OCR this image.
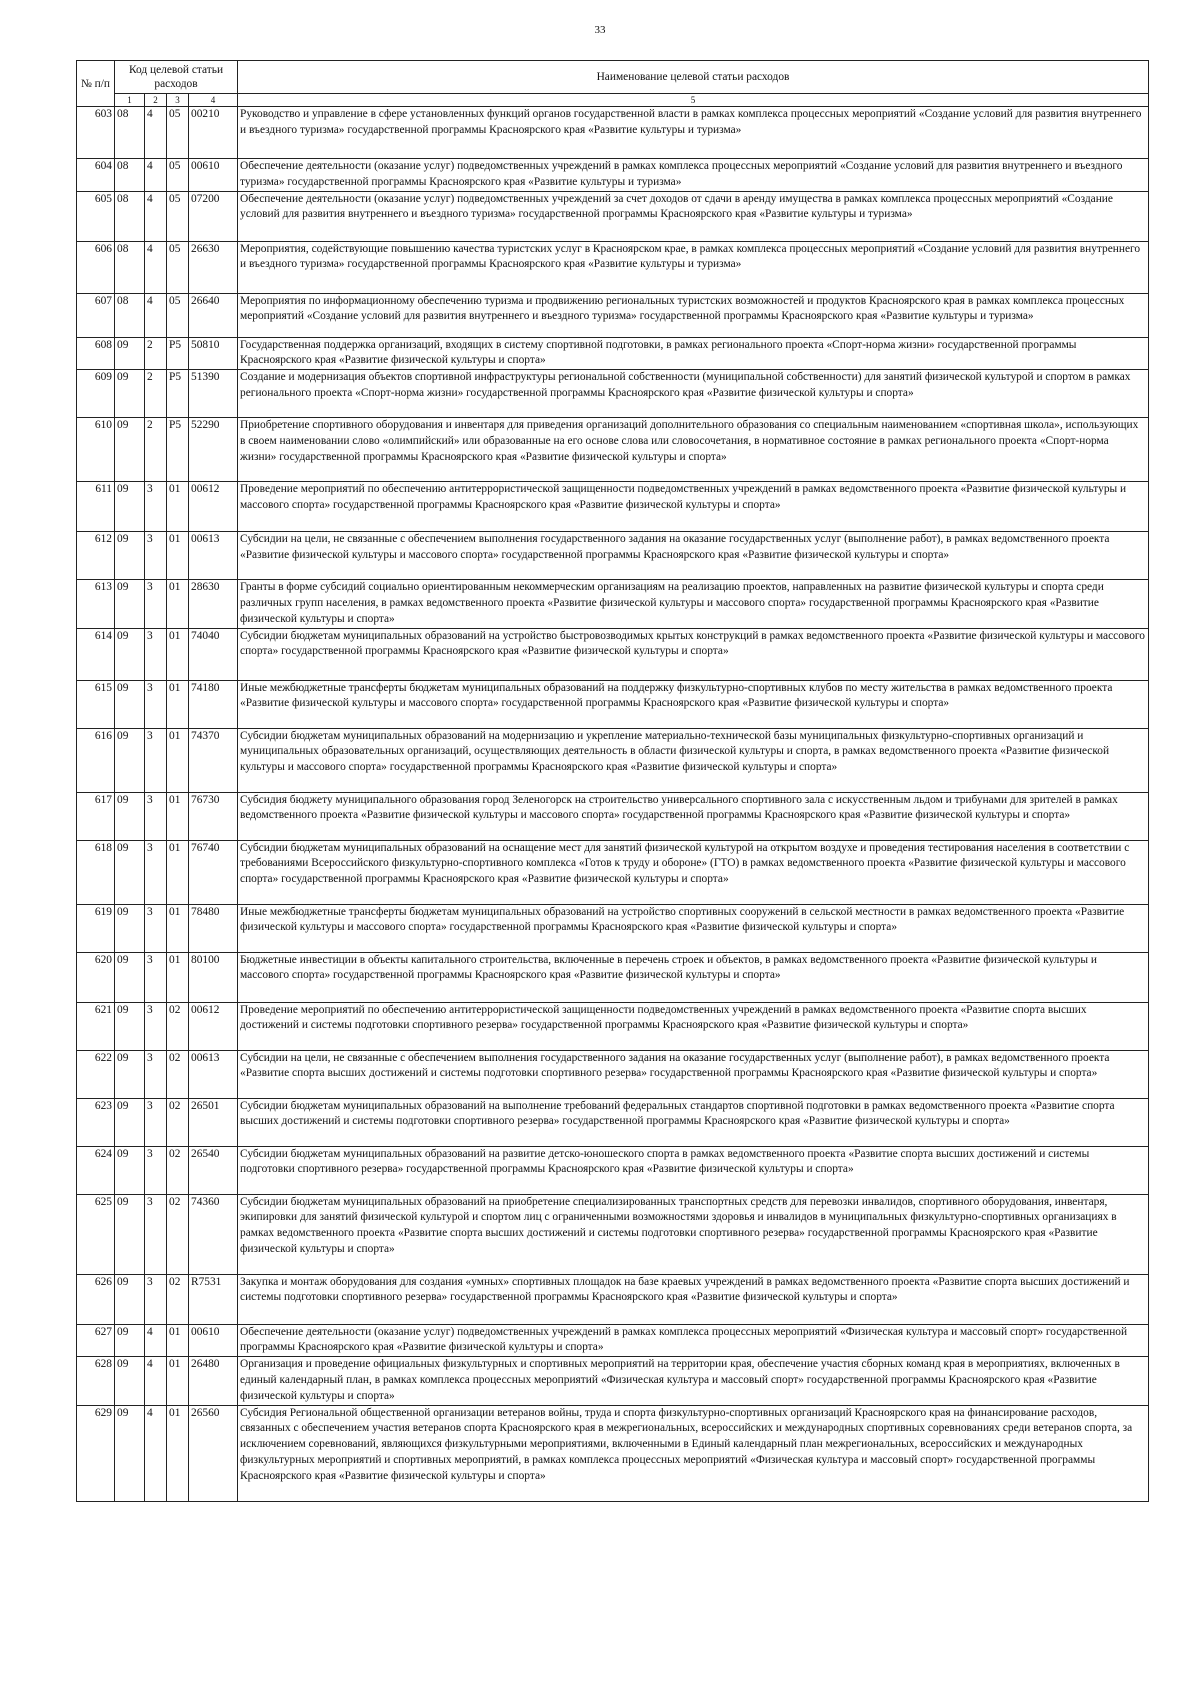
33
№ п/п	Код целевой статьи расходов				Наименование целевой статьи расходов
	1	2	3	4	5
603	08	4	05	00210	Руководство и управление в сфере установленных функций органов государственной власти в рамках комплекса процессных мероприятий «Создание условий для развития внутреннего и въездного туризма» государственной программы Красноярского края «Развитие культуры и туризма»
604	08	4	05	00610	Обеспечение деятельности (оказание услуг) подведомственных учреждений в рамках комплекса процессных мероприятий «Создание условий для развития внутреннего и въездного туризма» государственной программы Красноярского края «Развитие культуры и туризма»
605	08	4	05	07200	Обеспечение деятельности (оказание услуг) подведомственных учреждений за счет доходов от сдачи в аренду имущества в рамках комплекса процессных мероприятий «Создание условий для развития внутреннего и въездного туризма» государственной программы Красноярского края «Развитие культуры и туризма»
606	08	4	05	26630	Мероприятия, содействующие повышению качества туристских услуг в Красноярском крае, в рамках комплекса процессных мероприятий «Создание условий для развития внутреннего и въездного туризма» государственной программы Красноярского края «Развитие культуры и туризма»
607	08	4	05	26640	Мероприятия по информационному обеспечению туризма и продвижению региональных туристских возможностей и продуктов Красноярского края в рамках комплекса процессных мероприятий «Создание условий для развития внутреннего и въездного туризма» государственной программы Красноярского края «Развитие культуры и туризма»
608	09	2	P5	50810	Государственная поддержка организаций, входящих в систему спортивной подготовки, в рамках регионального проекта «Спорт-норма жизни» государственной программы Красноярского края «Развитие физической культуры и спорта»
609	09	2	P5	51390	Создание и модернизация объектов спортивной инфраструктуры региональной собственности (муниципальной собственности) для занятий физической культурой и спортом в рамках регионального проекта «Спорт-норма жизни» государственной программы Красноярского края «Развитие физической культуры и спорта»
610	09	2	P5	52290	Приобретение спортивного оборудования и инвентаря для приведения организаций дополнительного образования со специальным наименованием «спортивная школа», использующих в своем наименовании слово «олимпийский» или образованные на его основе слова или словосочетания, в нормативное состояние в рамках регионального проекта «Спорт-норма жизни» государственной программы Красноярского края «Развитие физической культуры и спорта»
611	09	3	01	00612	Проведение мероприятий по обеспечению антитеррористической защищенности подведомственных учреждений в рамках ведомственного проекта «Развитие физической культуры и массового спорта» государственной программы Красноярского края «Развитие физической культуры и спорта»
612	09	3	01	00613	Субсидии на цели, не связанные с обеспечением выполнения государственного задания на оказание государственных услуг (выполнение работ), в рамках ведомственного проекта «Развитие физической культуры и массового спорта» государственной программы Красноярского края «Развитие физической культуры и спорта»
613	09	3	01	28630	Гранты в форме субсидий социально ориентированным некоммерческим организациям на реализацию проектов, направленных на развитие физической культуры и спорта среди различных групп населения, в рамках ведомственного проекта «Развитие физической культуры и массового спорта» государственной программы Красноярского края «Развитие физической культуры и спорта»
614	09	3	01	74040	Субсидии бюджетам муниципальных образований на устройство быстровозводимых крытых конструкций в рамках ведомственного проекта «Развитие физической культуры и массового спорта» государственной программы Красноярского края «Развитие физической культуры и спорта»
615	09	3	01	74180	Иные межбюджетные трансферты бюджетам муниципальных образований на поддержку физкультурно-спортивных клубов по месту жительства в рамках ведомственного проекта «Развитие физической культуры и массового спорта» государственной программы Красноярского края «Развитие физической культуры и спорта»
616	09	3	01	74370	Субсидии бюджетам муниципальных образований на модернизацию и укрепление материально-технической базы муниципальных физкультурно-спортивных организаций и муниципальных образовательных организаций, осуществляющих деятельность в области физической культуры и спорта, в рамках ведомственного проекта «Развитие физической культуры и массового спорта» государственной программы Красноярского края «Развитие физической культуры и спорта»
617	09	3	01	76730	Субсидия бюджету муниципального образования город Зеленогорск на строительство универсального спортивного зала с искусственным льдом и трибунами для зрителей в рамках ведомственного проекта «Развитие физической культуры и массового спорта» государственной программы Красноярского края «Развитие физической культуры и спорта»
618	09	3	01	76740	Субсидии бюджетам муниципальных образований на оснащение мест для занятий физической культурой на открытом воздухе и проведения тестирования населения в соответствии с требованиями Всероссийского физкультурно-спортивного комплекса «Готов к труду и обороне» (ГТО) в рамках ведомственного проекта «Развитие физической культуры и массового спорта» государственной программы Красноярского края «Развитие физической культуры и спорта»
619	09	3	01	78480	Иные межбюджетные трансферты бюджетам муниципальных образований на устройство спортивных сооружений в сельской местности в рамках ведомственного проекта «Развитие физической культуры и массового спорта» государственной программы Красноярского края «Развитие физической культуры и спорта»
620	09	3	01	80100	Бюджетные инвестиции в объекты капитального строительства, включенные в перечень строек и объектов, в рамках ведомственного проекта «Развитие физической культуры и массового спорта» государственной программы Красноярского края «Развитие физической культуры и спорта»
621	09	3	02	00612	Проведение мероприятий по обеспечению антитеррористической защищенности подведомственных учреждений в рамках ведомственного проекта «Развитие спорта высших достижений и системы подготовки спортивного резерва» государственной программы Красноярского края «Развитие физической культуры и спорта»
622	09	3	02	00613	Субсидии на цели, не связанные с обеспечением выполнения государственного задания на оказание государственных услуг (выполнение работ), в рамках ведомственного проекта «Развитие спорта высших достижений и системы подготовки спортивного резерва» государственной программы Красноярского края «Развитие физической культуры и спорта»
623	09	3	02	26501	Субсидии бюджетам муниципальных образований на выполнение требований федеральных стандартов спортивной подготовки в рамках ведомственного проекта «Развитие спорта высших достижений и системы подготовки спортивного резерва» государственной программы Красноярского края «Развитие физической культуры и спорта»
624	09	3	02	26540	Субсидии бюджетам муниципальных образований на развитие детско-юношеского спорта в рамках ведомственного проекта «Развитие спорта высших достижений и системы подготовки спортивного резерва» государственной программы Красноярского края «Развитие физической культуры и спорта»
625	09	3	02	74360	Субсидии бюджетам муниципальных образований на приобретение специализированных транспортных средств для перевозки инвалидов, спортивного оборудования, инвентаря, экипировки для занятий физической культурой и спортом лиц с ограниченными возможностями здоровья и инвалидов в муниципальных физкультурно-спортивных организациях в рамках ведомственного проекта «Развитие спорта высших достижений и системы подготовки спортивного резерва» государственной программы Красноярского края «Развитие физической культуры и спорта»
626	09	3	02	R7531	Закупка и монтаж оборудования для создания «умных» спортивных площадок на базе краевых учреждений в рамках ведомственного проекта «Развитие спорта высших достижений и системы подготовки спортивного резерва» государственной программы Красноярского края «Развитие физической культуры и спорта»
627	09	4	01	00610	Обеспечение деятельности (оказание услуг) подведомственных учреждений в рамках комплекса процессных мероприятий «Физическая культура и массовый спорт» государственной программы Красноярского края «Развитие физической культуры и спорта»
628	09	4	01	26480	Организация и проведение официальных физкультурных и спортивных мероприятий на территории края, обеспечение участия сборных команд края в мероприятиях, включенных в единый календарный план, в рамках комплекса процессных мероприятий «Физическая культура и массовый спорт» государственной программы Красноярского края «Развитие физической культуры и спорта»
629	09	4	01	26560	Субсидия Региональной общественной организации ветеранов войны, труда и спорта физкультурно-спортивных организаций Красноярского края на финансирование расходов, связанных с обеспечением участия ветеранов спорта Красноярского края в межрегиональных, всероссийских и международных спортивных соревнованиях среди ветеранов спорта, за исключением соревнований, являющихся физкультурными мероприятиями, включенными в Единый календарный план межрегиональных, всероссийских и международных физкультурных мероприятий и спортивных мероприятий, в рамках комплекса процессных мероприятий «Физическая культура и массовый спорт» государственной программы Красноярского края «Развитие физической культуры и спорта»
